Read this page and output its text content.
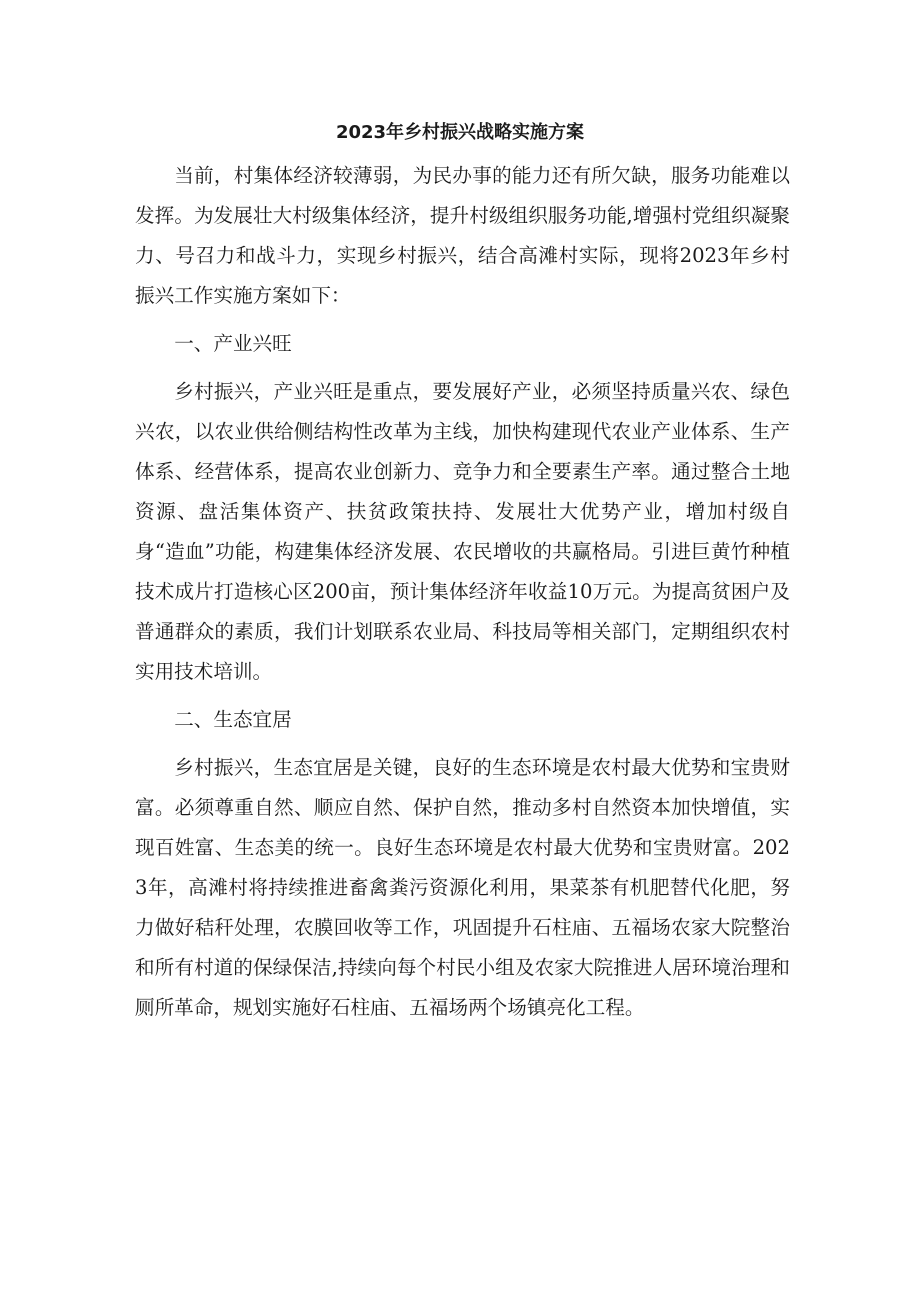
2023年乡村振兴战略实施方案

当前，村集体经济较薄弱，为民办事的能力还有所欠缺，服务功能难以发挥。为发展壮大村级集体经济，提升村级组织服务功能,增强村党组织凝聚力、号召力和战斗力，实现乡村振兴，结合高滩村实际，现将2023年乡村振兴工作实施方案如下：

一、产业兴旺

乡村振兴，产业兴旺是重点，要发展好产业，必须坚持质量兴农、绿色兴农，以农业供给侧结构性改革为主线，加快构建现代农业产业体系、生产体系、经营体系，提高农业创新力、竞争力和全要素生产率。通过整合土地资源、盘活集体资产、扶贫政策扶持、发展壮大优势产业，增加村级自身“造血”功能，构建集体经济发展、农民增收的共赢格局。引进巨黄竹种植技术成片打造核心区200亩，预计集体经济年收益10万元。为提高贫困户及普通群众的素质，我们计划联系农业局、科技局等相关部门，定期组织农村实用技术培训。

二、生态宜居

乡村振兴，生态宜居是关键，良好的生态环境是农村最大优势和宝贵财富。必须尊重自然、顺应自然、保护自然，推动多村自然资本加快增值，实现百姓富、生态美的统一。良好生态环境是农村最大优势和宝贵财富。2023年，高滩村将持续推进畜禽粪污资源化利用，果菜茶有机肥替代化肥，努力做好秸秆处理，农膜回收等工作，巩固提升石柱庙、五福场农家大院整治和所有村道的保绿保洁,持续向每个村民小组及农家大院推进人居环境治理和厕所革命，规划实施好石柱庙、五福场两个场镇亮化工程。
